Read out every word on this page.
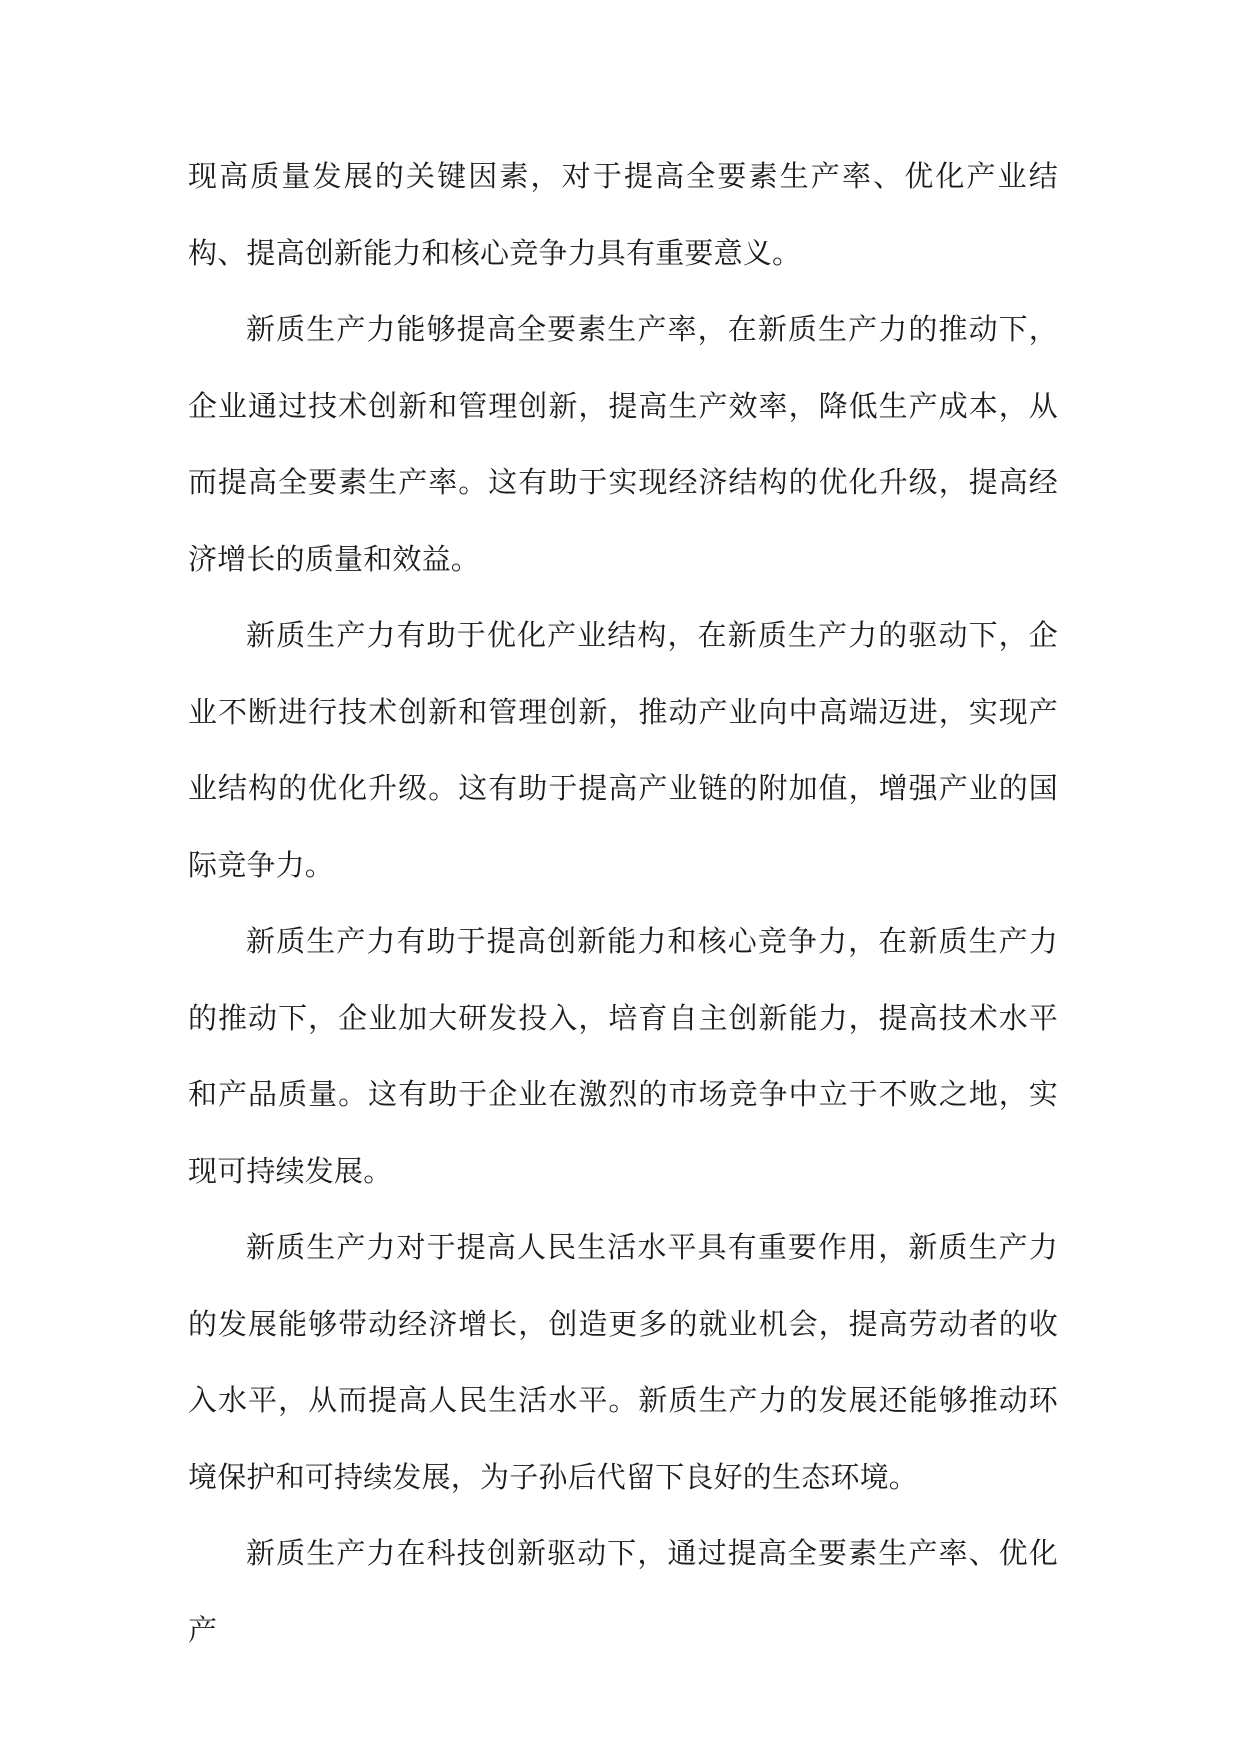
现高质量发展的关键因素，对于提高全要素生产率、优化产业结构、提高创新能力和核心竞争力具有重要意义。

新质生产力能够提高全要素生产率，在新质生产力的推动下，企业通过技术创新和管理创新，提高生产效率，降低生产成本，从而提高全要素生产率。这有助于实现经济结构的优化升级，提高经济增长的质量和效益。

新质生产力有助于优化产业结构，在新质生产力的驱动下，企业不断进行技术创新和管理创新，推动产业向中高端迈进，实现产业结构的优化升级。这有助于提高产业链的附加值，增强产业的国际竞争力。

新质生产力有助于提高创新能力和核心竞争力，在新质生产力的推动下，企业加大研发投入，培育自主创新能力，提高技术水平和产品质量。这有助于企业在激烈的市场竞争中立于不败之地，实现可持续发展。

新质生产力对于提高人民生活水平具有重要作用，新质生产力的发展能够带动经济增长，创造更多的就业机会，提高劳动者的收入水平，从而提高人民生活水平。新质生产力的发展还能够推动环境保护和可持续发展，为子孙后代留下良好的生态环境。

新质生产力在科技创新驱动下，通过提高全要素生产率、优化产
